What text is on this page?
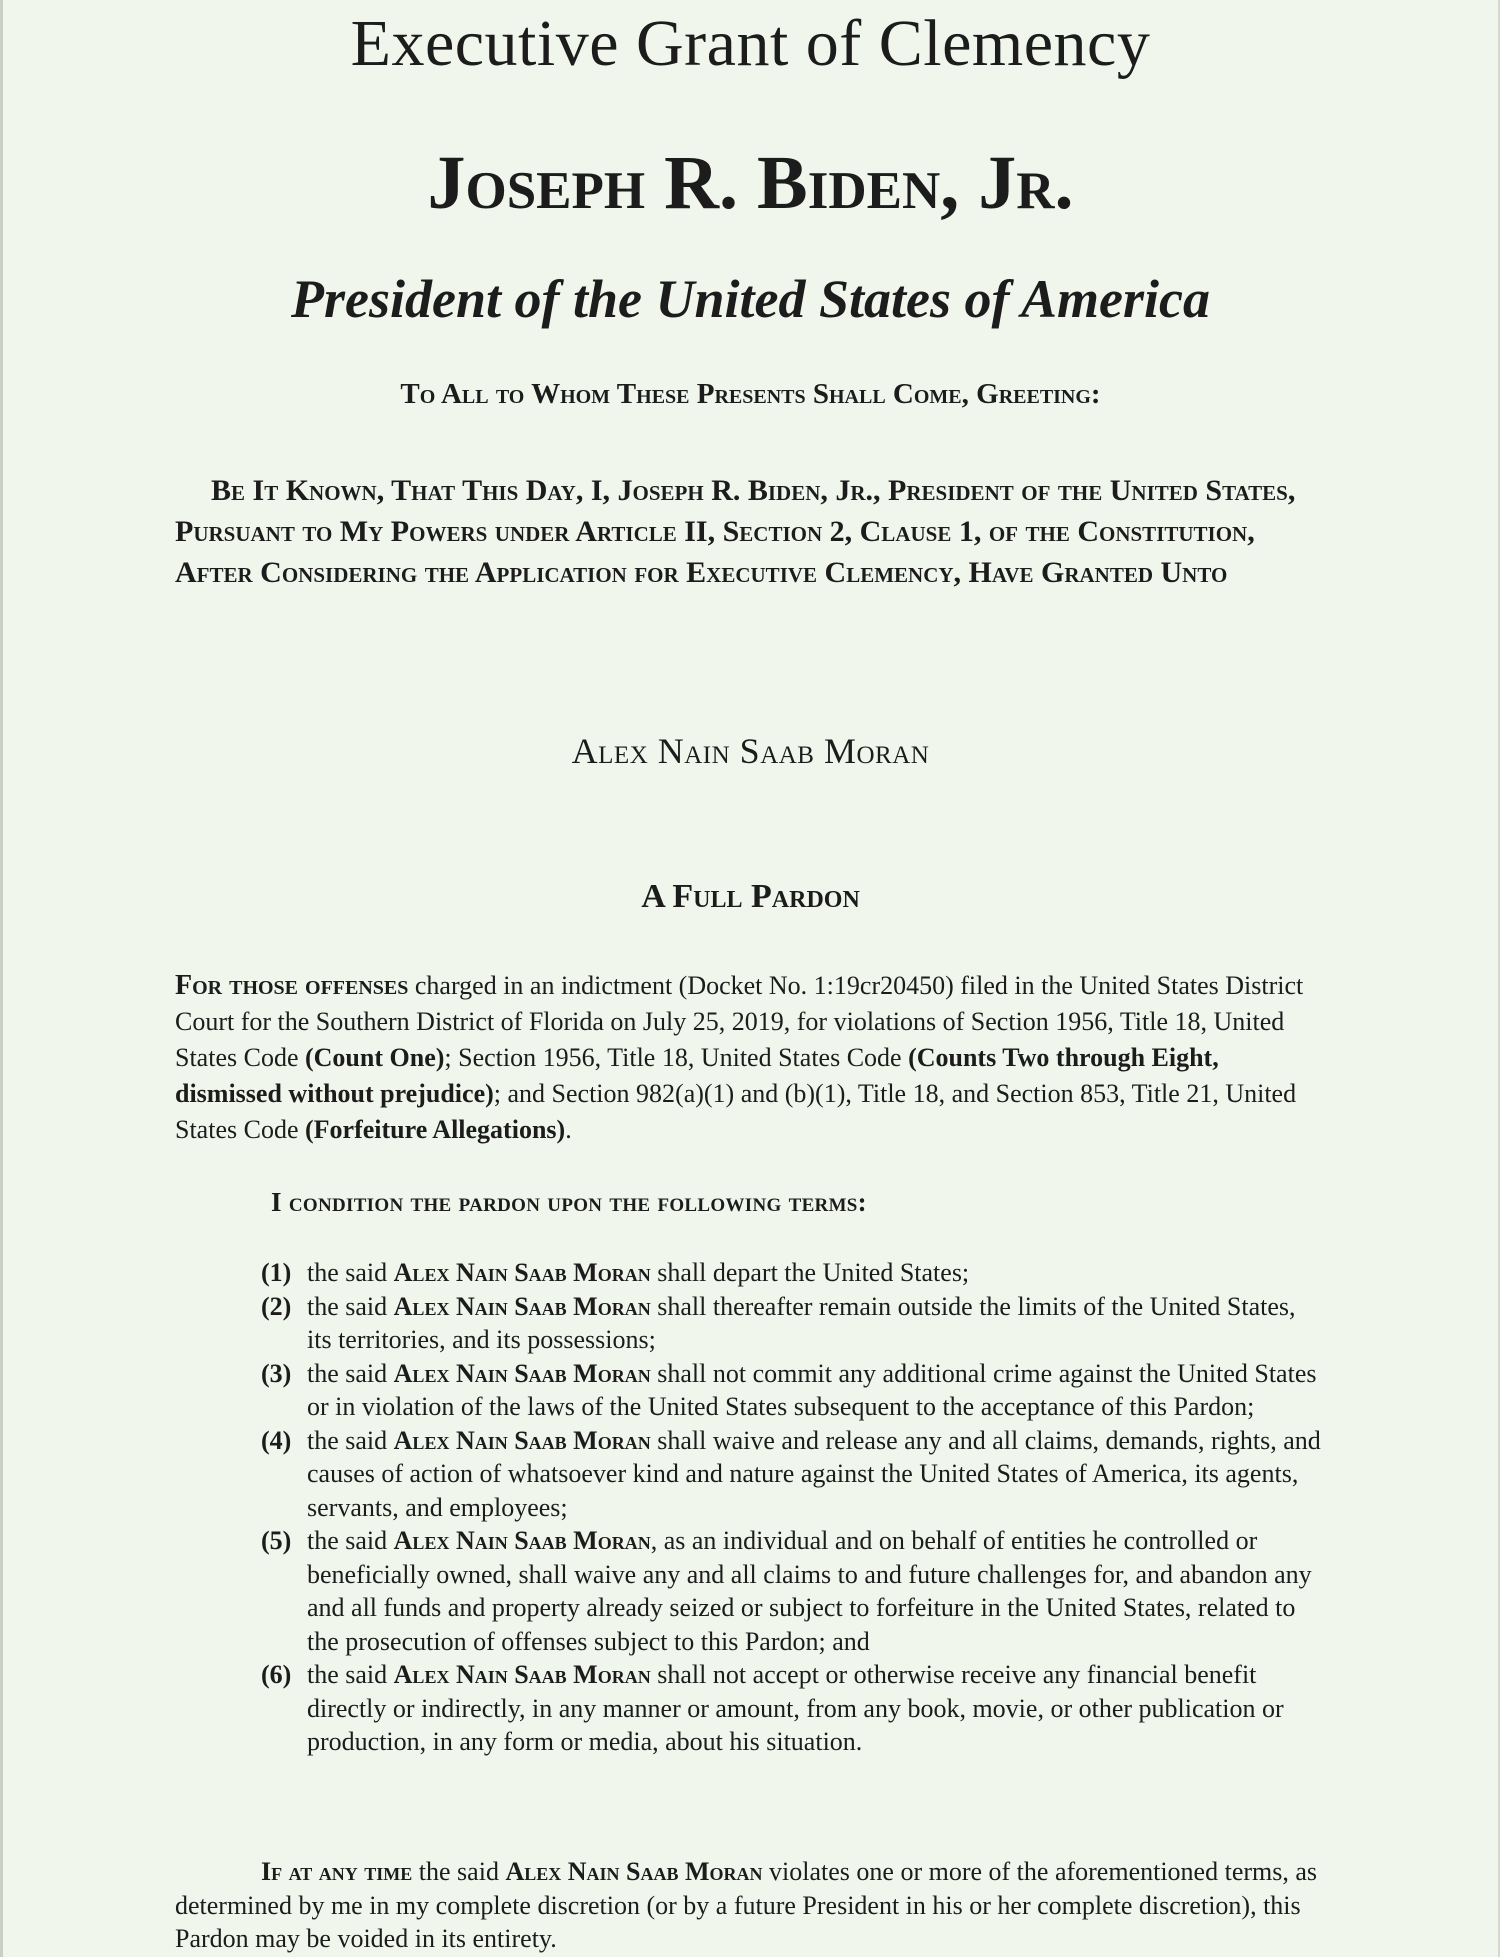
Executive Grant of Clemency
Joseph R. Biden, Jr.
President of the United States of America
To All to Whom These Presents Shall Come, Greeting:
Be It Known, That This Day, I, Joseph R. Biden, Jr., President of the United States, Pursuant to My Powers under Article II, Section 2, Clause 1, of the Constitution, After Considering the Application for Executive Clemency, Have Granted Unto
Alex Nain Saab Moran
A Full Pardon
For those offenses charged in an indictment (Docket No. 1:19cr20450) filed in the United States District Court for the Southern District of Florida on July 25, 2019, for violations of Section 1956, Title 18, United States Code (Count One); Section 1956, Title 18, United States Code (Counts Two through Eight, dismissed without prejudice); and Section 982(a)(1) and (b)(1), Title 18, and Section 853, Title 21, United States Code (Forfeiture Allegations).
I condition the pardon upon the following terms:
(1) the said Alex Nain Saab Moran shall depart the United States;
(2) the said Alex Nain Saab Moran shall thereafter remain outside the limits of the United States, its territories, and its possessions;
(3) the said Alex Nain Saab Moran shall not commit any additional crime against the United States or in violation of the laws of the United States subsequent to the acceptance of this Pardon;
(4) the said Alex Nain Saab Moran shall waive and release any and all claims, demands, rights, and causes of action of whatsoever kind and nature against the United States of America, its agents, servants, and employees;
(5) the said Alex Nain Saab Moran, as an individual and on behalf of entities he controlled or beneficially owned, shall waive any and all claims to and future challenges for, and abandon any and all funds and property already seized or subject to forfeiture in the United States, related to the prosecution of offenses subject to this Pardon; and
(6) the said Alex Nain Saab Moran shall not accept or otherwise receive any financial benefit directly or indirectly, in any manner or amount, from any book, movie, or other publication or production, in any form or media, about his situation.
If at any time the said Alex Nain Saab Moran violates one or more of the aforementioned terms, as determined by me in my complete discretion (or by a future President in his or her complete discretion), this Pardon may be voided in its entirety.
